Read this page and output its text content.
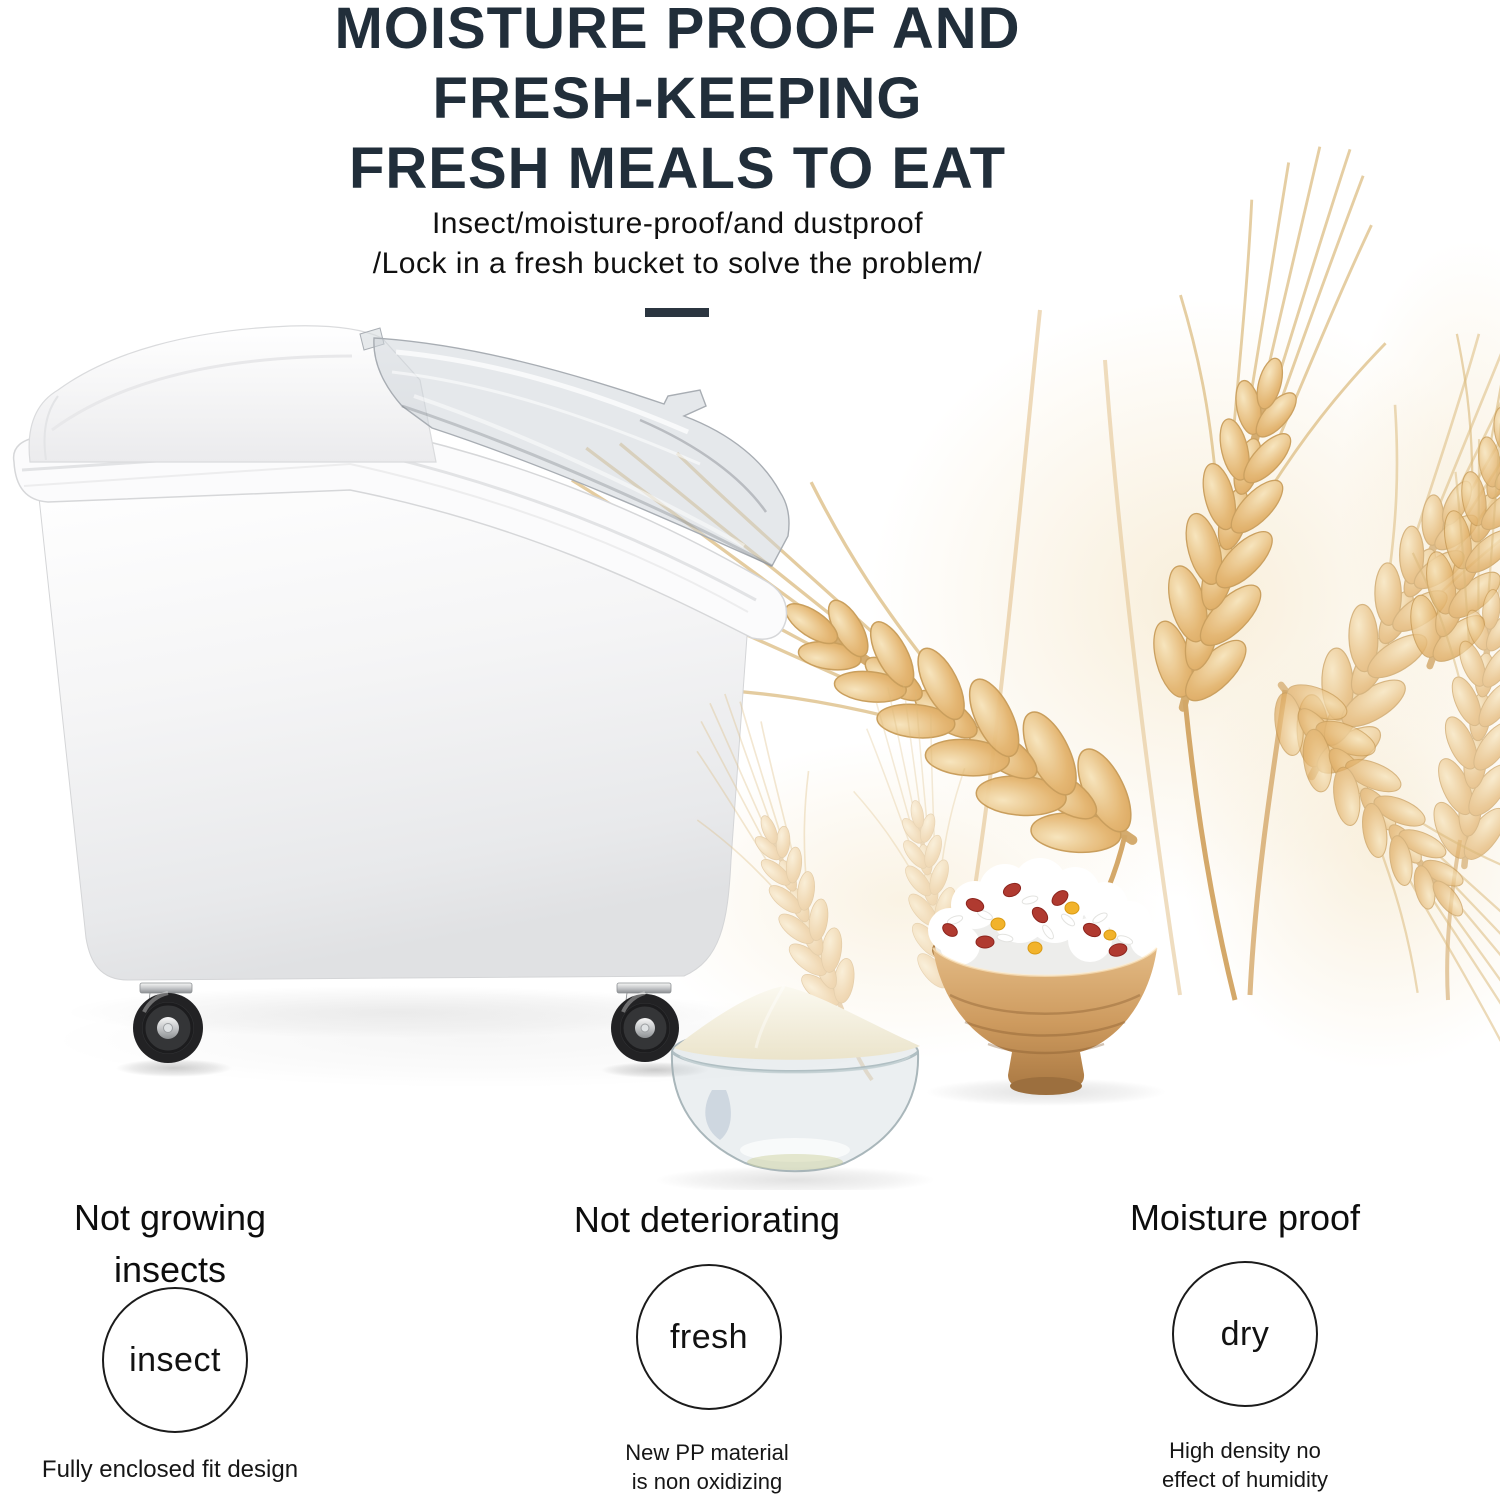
MOISTURE PROOF AND
FRESH-KEEPING
FRESH MEALS TO EAT
Insect/moisture-proof/and dustproof
/Lock in a fresh bucket to solve the problem/
Not growing
insects
insect
Fully enclosed fit design
Not deteriorating
fresh
New PP material
is non oxidizing
Moisture proof
dry
High density no
effect of humidity
